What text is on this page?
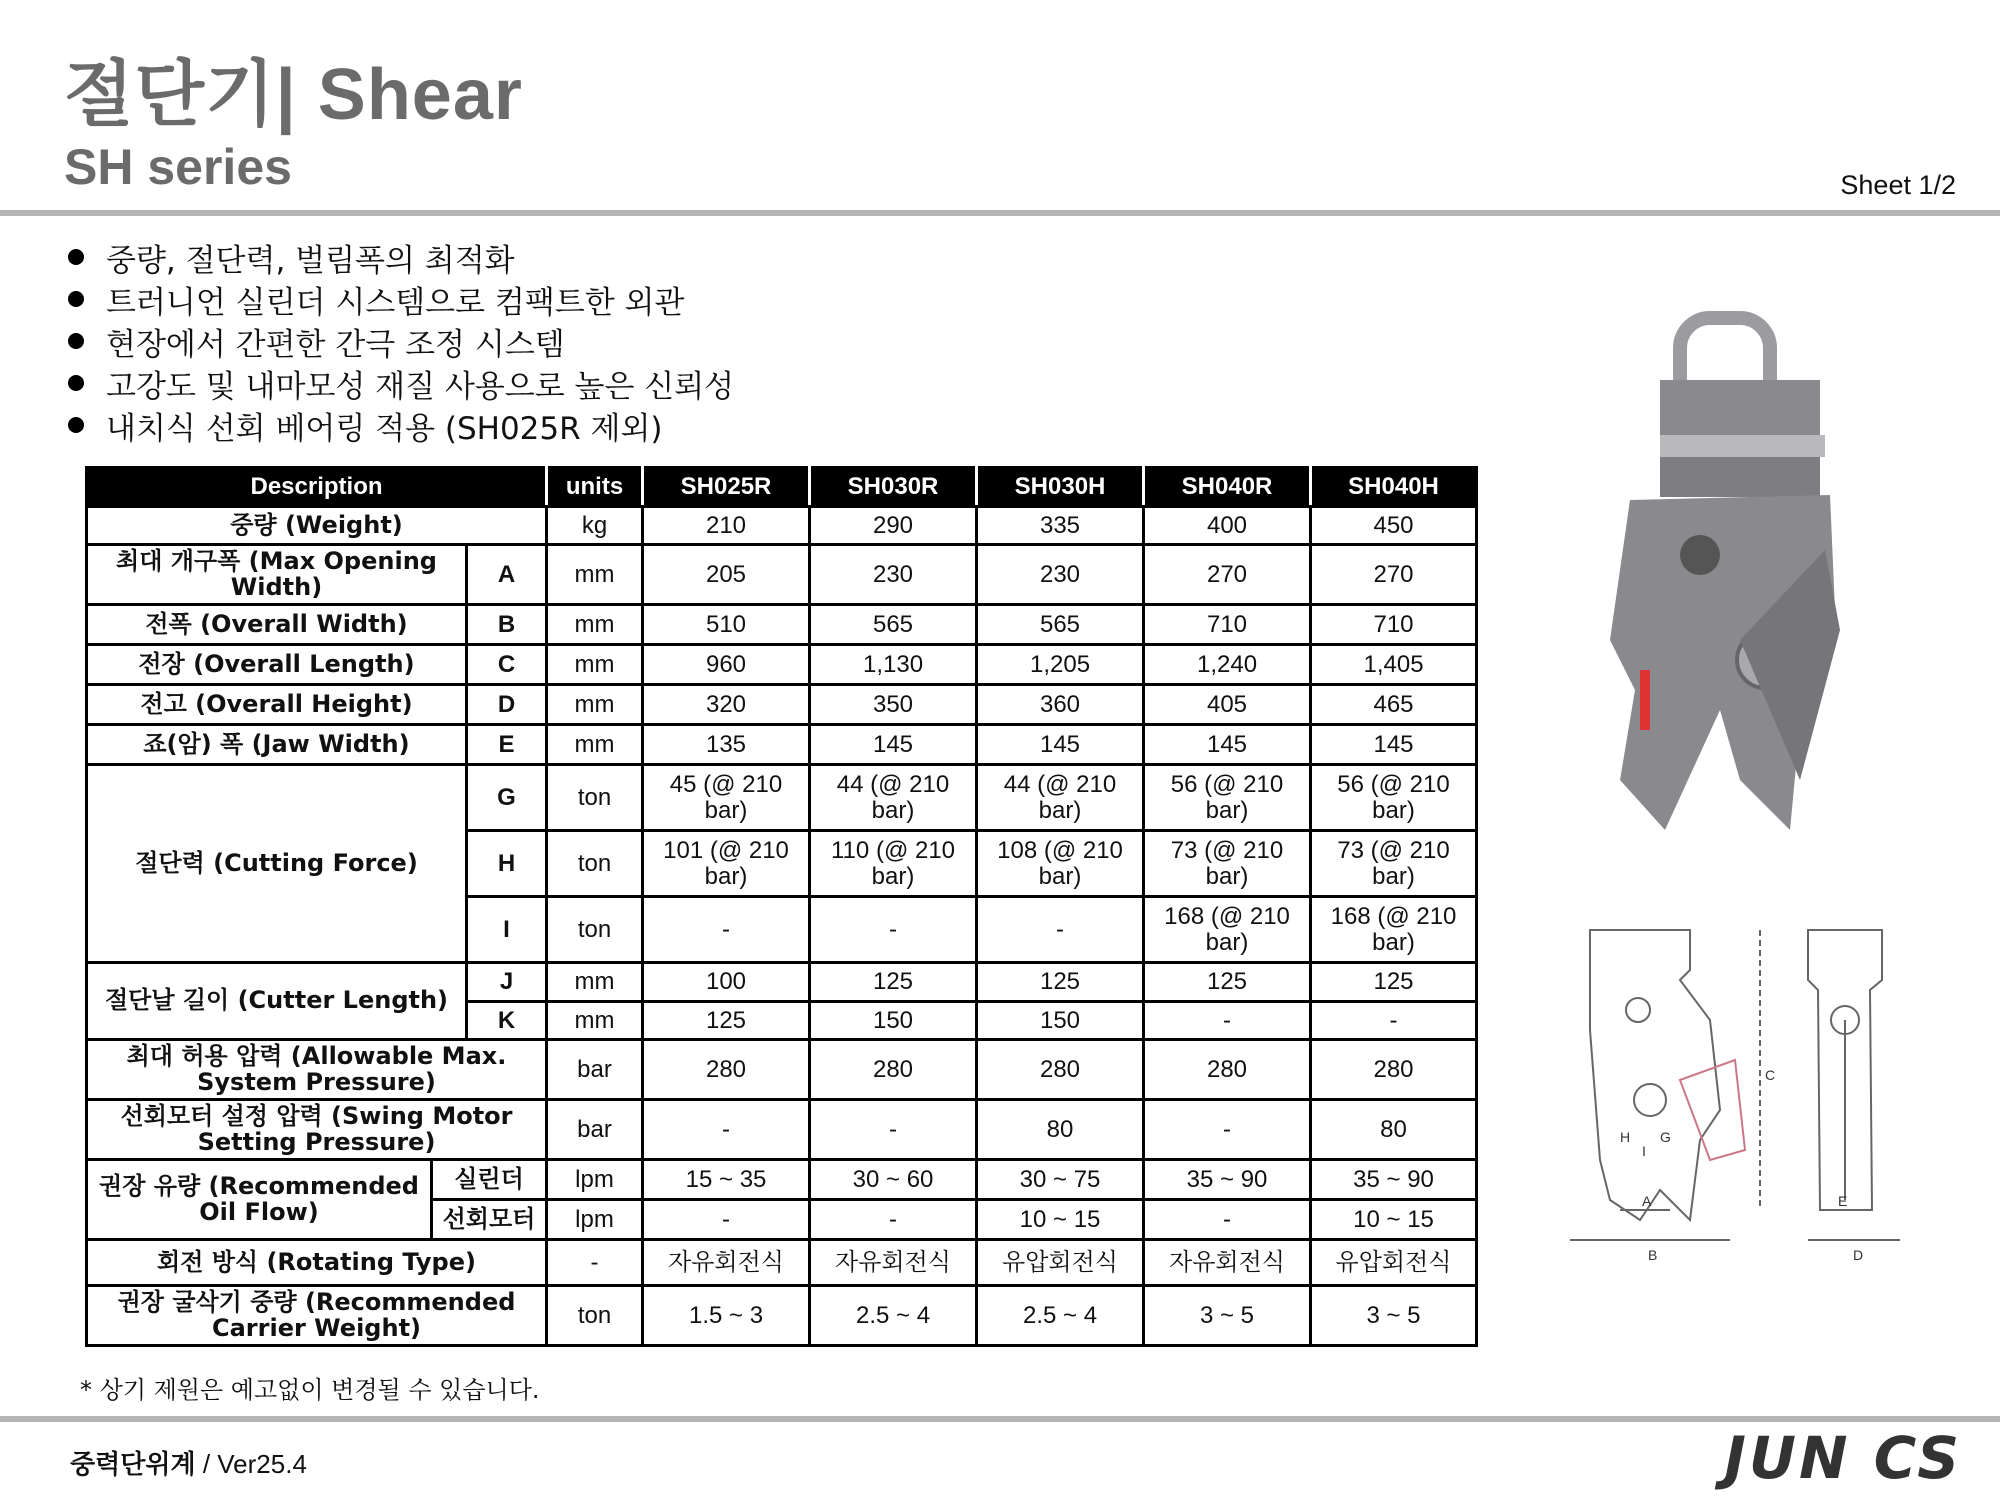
절단기| Shear
SH series	Sheet 1/2
중량, 절단력, 벌림폭의 최적화
트러니언 실린더 시스템으로 컴팩트한 외관
현장에서 간편한 간극 조정 시스템
고강도 및 내마모성 재질 사용으로 높은 신뢰성
내치식 선회 베어링 적용 (SH025R 제외)
Description			units	SH025R	SH030R	SH030H	SH040R	SH040H
중량 (Weight)			kg	210	290	335	400	450
최대 개구폭 (Max Opening Width)		A	mm	205	230	230	270	270
전폭 (Overall Width)		B	mm	510	565	565	710	710
전장 (Overall Length)		C	mm	960	1,130	1,205	1,240	1,405
전고 (Overall Height)		D	mm	320	350	360	405	465
죠(암) 폭 (Jaw Width)		E	mm	135	145	145	145	145
절단력 (Cutting Force)		G	ton	45 (@ 210 bar)	44 (@ 210 bar)	44 (@ 210 bar)	56 (@ 210 bar)	56 (@ 210 bar)
		H	ton	101 (@ 210 bar)	110 (@ 210 bar)	108 (@ 210 bar)	73 (@ 210 bar)	73 (@ 210 bar)
		I	ton	-	-	-	168 (@ 210 bar)	168 (@ 210 bar)
절단날 길이 (Cutter Length)		J	mm	100	125	125	125	125
		K	mm	125	150	150	-	-
최대 허용 압력 (Allowable Max. System Pressure)			bar	280	280	280	280	280
선회모터 설정 압력 (Swing Motor Setting Pressure)			bar	-	-	80	-	80
권장 유량 (Recommended Oil Flow)	실린더		lpm	15 ~ 35	30 ~ 60	30 ~ 75	35 ~ 90	35 ~ 90
	선회모터		lpm	-	-	10 ~ 15	-	10 ~ 15
회전 방식 (Rotating Type)			-	자유회전식	자유회전식	유압회전식	자유회전식	유압회전식
권장 굴삭기 중량 (Recommended Carrier Weight)			ton	1.5 ~ 3	2.5 ~ 4	2.5 ~ 4	3 ~ 5	3 ~ 5
A
B
C
D
E
G
H
I
* 상기 제원은 예고없이 변경될 수 있습니다.
중력단위계 / Ver25.4	JUN CS
